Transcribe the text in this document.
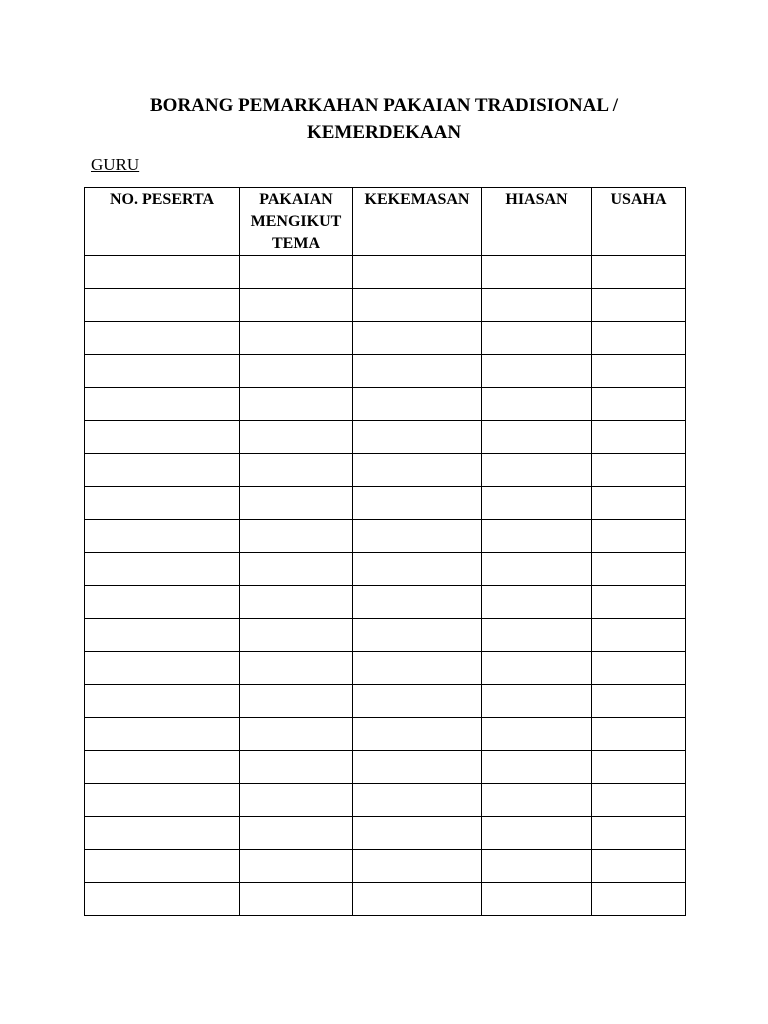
BORANG PEMARKAHAN PAKAIAN TRADISIONAL /
KEMERDEKAAN
GURU
NO. PESERTA	PAKAIAN MENGIKUT TEMA	KEKEMASAN	HIASAN	USAHA
